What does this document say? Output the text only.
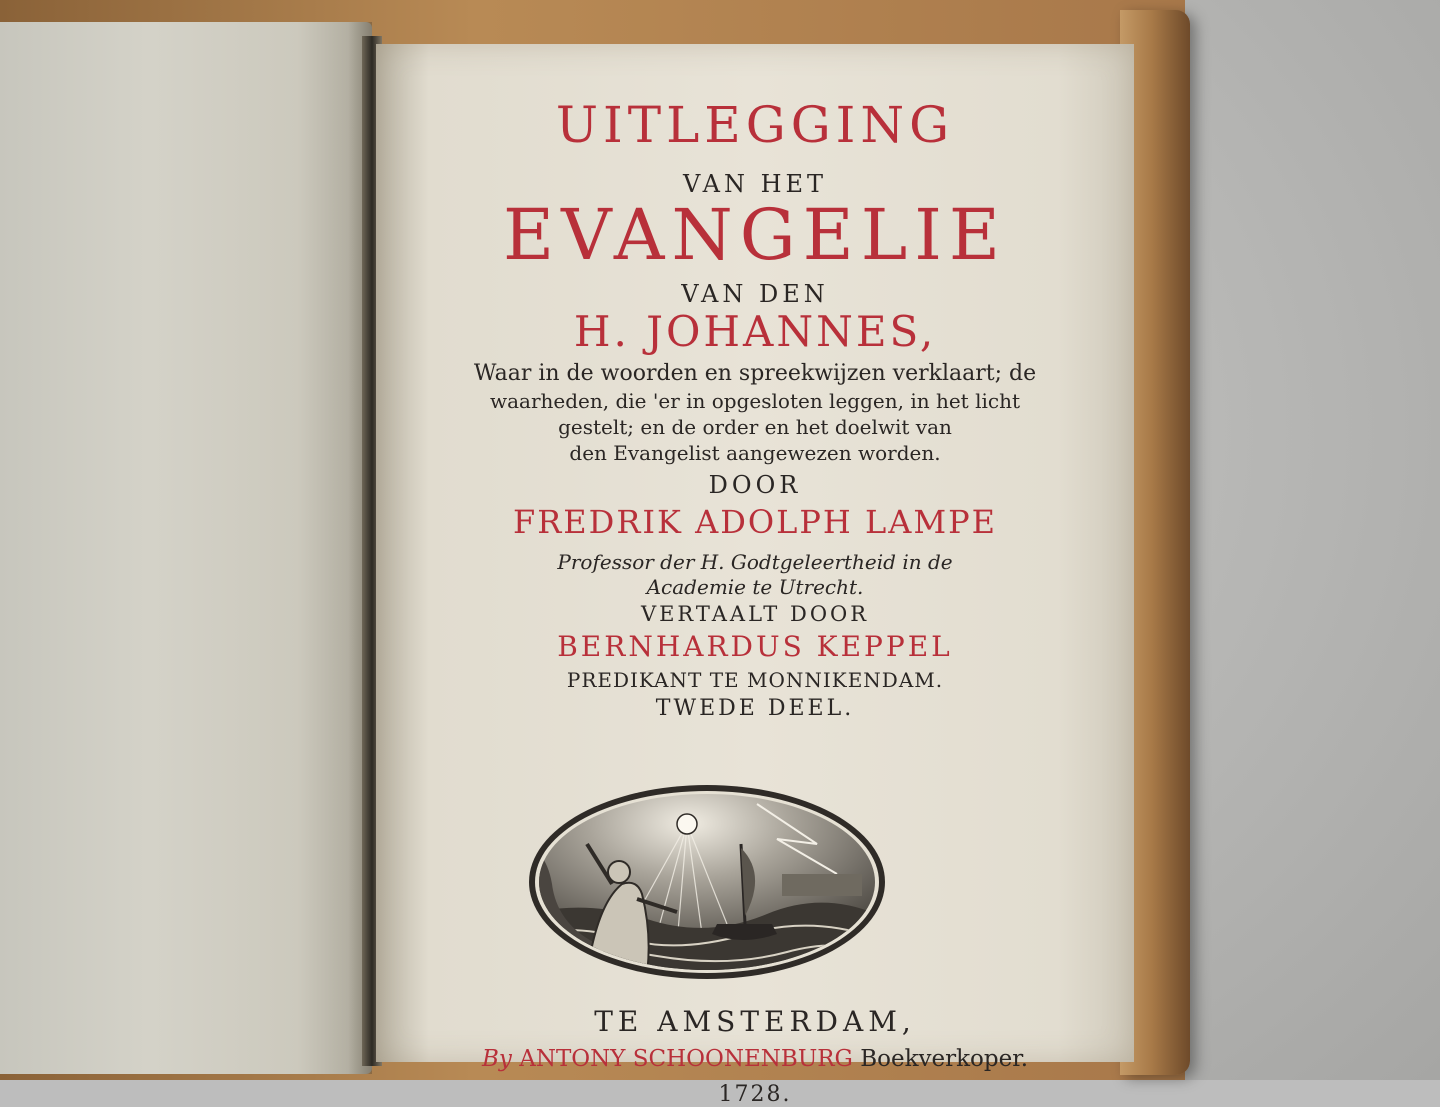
UITLEGGING

VAN HET

EVANGELIE

VAN DEN

H. JOHANNES,

Waar in de woorden en spreekwijzen verklaart; de

waarheden, die 'er in opgesloten leggen, in het licht

gestelt; en de order en het doelwit van

den Evangelist aangewezen worden.

DOOR

FREDRIK ADOLPH LAMPE

Professor der H. Godtgeleertheid in de

Academie te Utrecht.

VERTAALT DOOR

BERNHARDUS KEPPEL

PREDIKANT TE MONNIKENDAM.

TWEDE DEEL.

TE AMSTERDAM,

By ANTONY SCHOONENBURG Boekverkoper.

1728.
